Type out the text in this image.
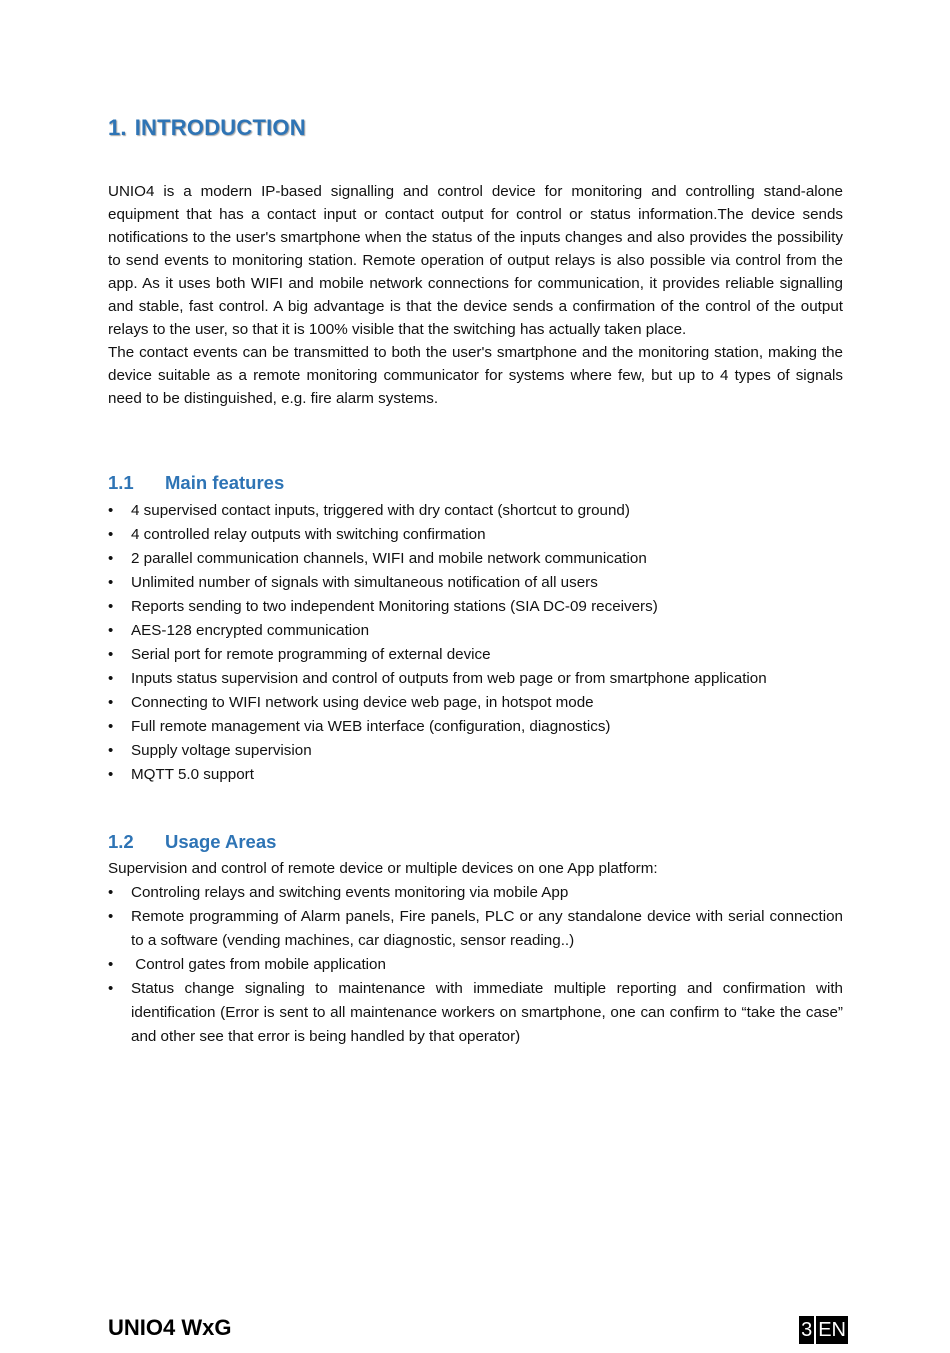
1. INTRODUCTION

UNIO4 is a modern IP-based signalling and control device for monitoring and controlling stand-alone equipment that has a contact input or contact output for control or status information.The device sends notifications to the user's smartphone when the status of the inputs changes and also provides the possibility to send events to monitoring station. Remote operation of output relays is also possible via control from the app. As it uses both WIFI and mobile network connections for communication, it provides reliable signalling and stable, fast control. A big advantage is that the device sends a confirmation of the control of the output relays to the user, so that it is 100% visible that the switching has actually taken place.

The contact events can be transmitted to both the user's smartphone and the monitoring station, making the device suitable as a remote monitoring communicator for systems where few, but up to 4 types of signals need to be distinguished, e.g. fire alarm systems.

1.1 Main features
• 4 supervised contact inputs, triggered with dry contact (shortcut to ground)
• 4 controlled relay outputs with switching confirmation
• 2 parallel communication channels, WIFI and mobile network communication
• Unlimited number of signals with simultaneous notification of all users
• Reports sending to two independent Monitoring stations (SIA DC-09 receivers)
• AES-128 encrypted communication
• Serial port for remote programming of external device
• Inputs status supervision and control of outputs from web page or from smartphone application
• Connecting to WIFI network using device web page, in hotspot mode
• Full remote management via WEB interface (configuration, diagnostics)
• Supply voltage supervision
• MQTT 5.0 support
1.2 Usage Areas
Supervision and control of remote device or multiple devices on one App platform:
• Controling relays and switching events monitoring via mobile App
• Remote programming of Alarm panels, Fire panels, PLC or any standalone device with serial connection to a software (vending machines, car diagnostic, sensor reading..)
•  Control gates from mobile application
• Status change signaling to maintenance with immediate multiple reporting and confirmation with identification (Error is sent to all maintenance workers on smartphone, one can confirm to “take the case” and other see that error is being handled by that operator)
UNIO4 WxG	3 EN
